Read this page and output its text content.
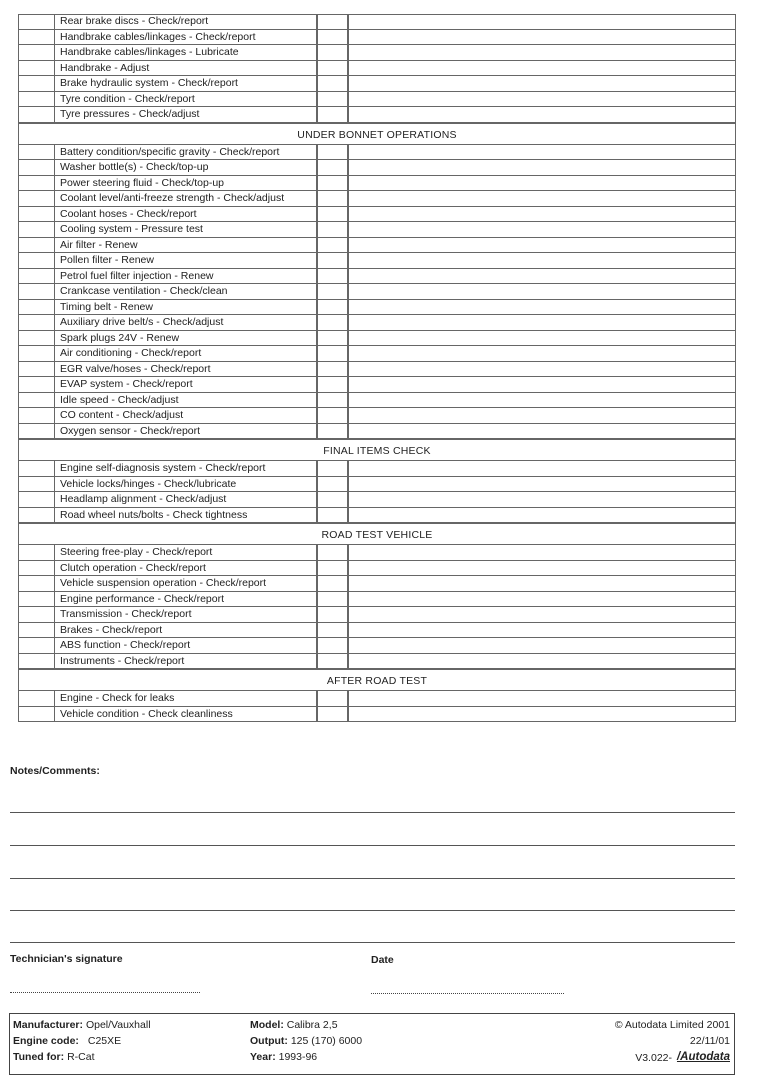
Rear brake discs - Check/report
Handbrake cables/linkages - Check/report
Handbrake cables/linkages - Lubricate
Handbrake - Adjust
Brake hydraulic system - Check/report
Tyre condition - Check/report
Tyre pressures - Check/adjust
UNDER BONNET OPERATIONS
Battery condition/specific gravity - Check/report
Washer bottle(s) - Check/top-up
Power steering fluid - Check/top-up
Coolant level/anti-freeze strength - Check/adjust
Coolant hoses - Check/report
Cooling system - Pressure test
Air filter - Renew
Pollen filter - Renew
Petrol fuel filter injection - Renew
Crankcase ventilation - Check/clean
Timing belt - Renew
Auxiliary drive belt/s - Check/adjust
Spark plugs 24V - Renew
Air conditioning - Check/report
EGR valve/hoses - Check/report
EVAP system - Check/report
Idle speed - Check/adjust
CO content - Check/adjust
Oxygen sensor - Check/report
FINAL ITEMS CHECK
Engine self-diagnosis system - Check/report
Vehicle locks/hinges - Check/lubricate
Headlamp alignment - Check/adjust
Road wheel nuts/bolts - Check tightness
ROAD TEST VEHICLE
Steering free-play - Check/report
Clutch operation - Check/report
Vehicle suspension operation - Check/report
Engine performance - Check/report
Transmission - Check/report
Brakes - Check/report
ABS function - Check/report
Instruments - Check/report
AFTER ROAD TEST
Engine - Check for leaks
Vehicle condition - Check cleanliness
Notes/Comments:
Technician's signature	Date
Manufacturer: Opel/Vauxhall
Engine code: C25XE
Tuned for: R-Cat
Model: Calibra 2,5
Output: 125 (170) 6000
Year: 1993-96
© Autodata Limited 2001
22/11/01
V3.022- /Autodata
